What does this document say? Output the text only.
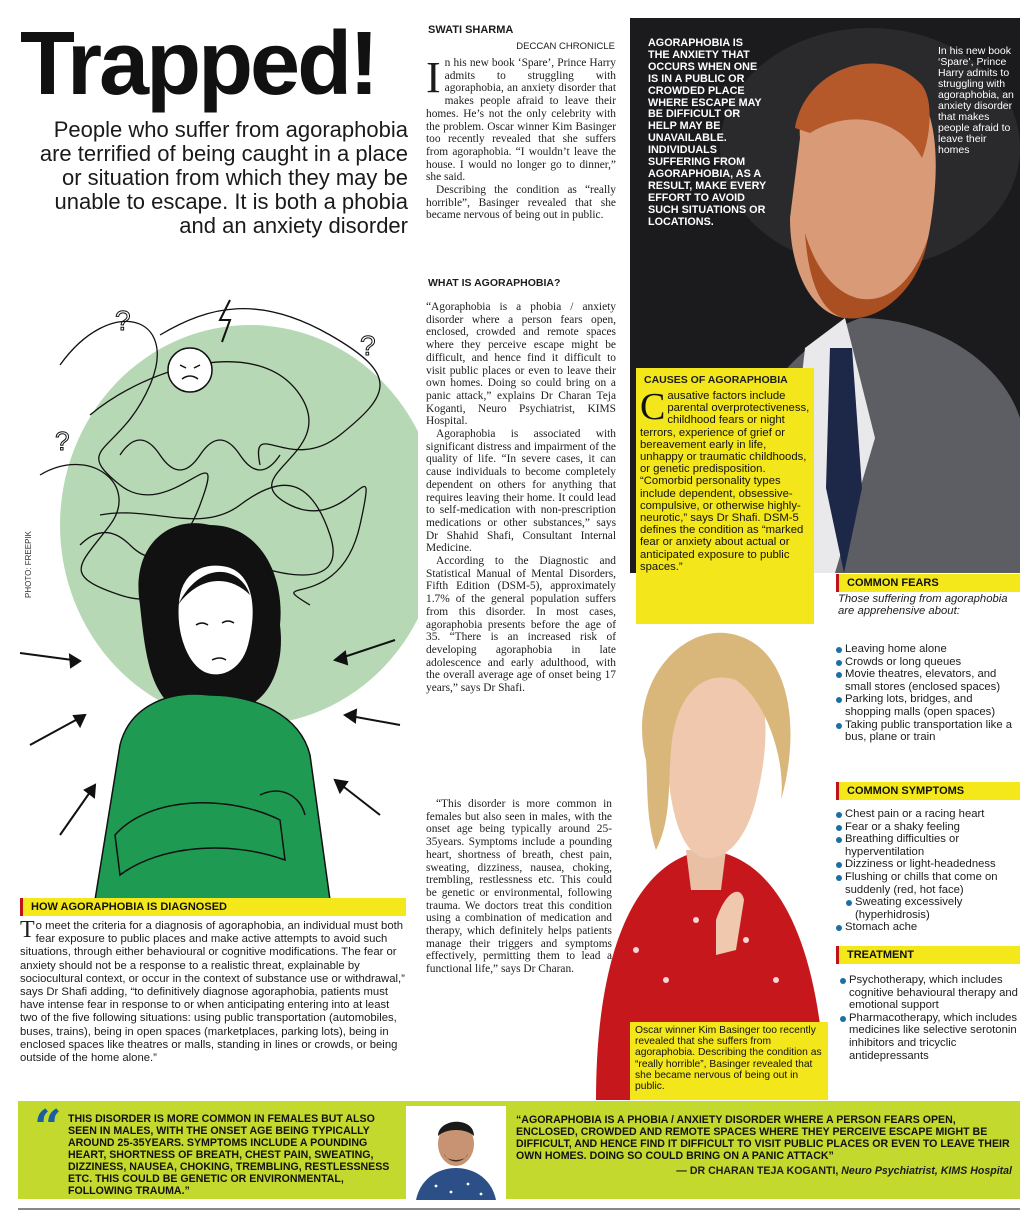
Trapped!
People who suffer from agoraphobia are terrified of being caught in a place or situation from which they may be unable to escape. It is both a phobia and an anxiety disorder
?
?
?
PHOTO: FREEPIK
HOW AGORAPHOBIA IS DIAGNOSED
To meet the criteria for a diagnosis of agoraphobia, an individual must both fear exposure to public places and make active attempts to avoid such situations, through either behavioural or cognitive modifications. The fear or anxiety should not be a response to a realistic threat, explainable by sociocultural context, or occur in the context of substance use or withdrawal,” says Dr Shafi adding, “to definitively diagnose agoraphobia, patients must have intense fear in response to or when anticipating entering into at least two of the five following situations: using public transportation (automobiles, buses, trains), being in open spaces (marketplaces, parking lots), being in enclosed spaces like theatres or malls, standing in lines or crowds, or being outside of the home alone.”
SWATI SHARMA
DECCAN CHRONICLE
In his new book ‘Spare’, Prince Harry admits to struggling with agoraphobia, an anxiety disorder that makes people afraid to leave their homes. He’s not the only celebrity with the problem. Oscar winner Kim Basinger too recently revealed that she suffers from agoraphobia. “I wouldn’t leave the house. I would no longer go to dinner,” she said.
Describing the condition as “really horrible”, Basinger revealed that she became nervous of being out in public.
WHAT IS AGORAPHOBIA?
“Agoraphobia is a phobia / anxiety disorder where a person fears open, enclosed, crowded and remote spaces where they perceive escape might be difficult, and hence find it difficult to visit public places or even to leave their own homes. Doing so could bring on a panic attack,” explains Dr Charan Teja Koganti, Neuro Psychiatrist, KIMS Hospital.
Agoraphobia is associated with significant distress and impairment of the quality of life. “In severe cases, it can cause individuals to become completely dependent on others for anything that requires leaving their home. It could lead to self-medication with non-prescription medications or other substances,” says Dr Shahid Shafi, Consultant Internal Medicine.
According to the Diagnostic and Statistical Manual of Mental Disorders, Fifth Edition (DSM-5), approximately 1.7% of the general population suffers from this disorder. In most cases, agoraphobia presents before the age of 35. “There is an increased risk of developing agoraphobia in late adolescence and early adulthood, with the overall average age of onset being 17 years,” says Dr Shafi.
“This disorder is more common in females but also seen in males, with the onset age being typically around 25-35years. Symptoms include a pounding heart, shortness of breath, chest pain, sweating, dizziness, nausea, choking, trembling, restlessness etc. This could be genetic or environmental, following trauma. We doctors treat this condition using a combination of medication and therapy, which definitely helps patients manage their triggers and symptoms effectively, permitting them to lead a functional life,” says Dr Charan.
AGORAPHOBIA IS THE ANXIETY THAT OCCURS WHEN ONE IS IN A PUBLIC OR CROWDED PLACE WHERE ESCAPE MAY BE DIFFICULT OR HELP MAY BE UNAVAILABLE. INDIVIDUALS SUFFERING FROM AGORAPHOBIA, AS A RESULT, MAKE EVERY EFFORT TO AVOID SUCH SITUATIONS OR LOCATIONS.
In his new book ‘Spare’, Prince Harry admits to struggling with agoraphobia, an anxiety disorder that makes people afraid to leave their homes
CAUSES OF AGORAPHOBIA
Causative factors include parental overprotectiveness, childhood fears or night terrors, experience of grief or bereavement early in life, unhappy or traumatic childhoods, or genetic predisposition. “Comorbid personality types include dependent, obsessive-compulsive, or otherwise highly-neurotic,” says Dr Shafi. DSM-5 defines the condition as “marked fear or anxiety about actual or anticipated exposure to public spaces.”
COMMON FEARS
Those suffering from agoraphobia are apprehensive about:
Leaving home alone
Crowds or long queues
Movie theatres, elevators, and small stores (enclosed spaces)
Parking lots, bridges, and shopping malls (open spaces)
Taking public transportation like a bus, plane or train
COMMON SYMPTOMS
Chest pain or a racing heart
Fear or a shaky feeling
Breathing difficulties or hyperventilation
Dizziness or light-headedness
Flushing or chills that come on suddenly (red, hot face)
Sweating excessively (hyperhidrosis)
Stomach ache
TREATMENT
Psychotherapy, which includes cognitive behavioural therapy and emotional support
Pharmacotherapy, which includes medicines like selective serotonin inhibitors and tricyclic antidepressants
Oscar winner Kim Basinger too recently revealed that she suffers from agoraphobia. Describing the condition as “really horrible”, Basinger revealed that she became nervous of being out in public.
“ THIS DISORDER IS MORE COMMON IN FEMALES BUT ALSO SEEN IN MALES, WITH THE ONSET AGE BEING TYPICALLY AROUND 25-35YEARS. SYMPTOMS INCLUDE A POUNDING HEART, SHORTNESS OF BREATH, CHEST PAIN, SWEATING, DIZZINESS, NAUSEA, CHOKING, TREMBLING, RESTLESSNESS ETC. THIS COULD BE GENETIC OR ENVIRONMENTAL, FOLLOWING TRAUMA.”
“AGORAPHOBIA IS A PHOBIA / ANXIETY DISORDER WHERE A PERSON FEARS OPEN, ENCLOSED, CROWDED AND REMOTE SPACES WHERE THEY PERCEIVE ESCAPE MIGHT BE DIFFICULT, AND HENCE FIND IT DIFFICULT TO VISIT PUBLIC PLACES OR EVEN TO LEAVE THEIR OWN HOMES. DOING SO COULD BRING ON A PANIC ATTACK”
— DR CHARAN TEJA KOGANTI, Neuro Psychiatrist, KIMS Hospital
